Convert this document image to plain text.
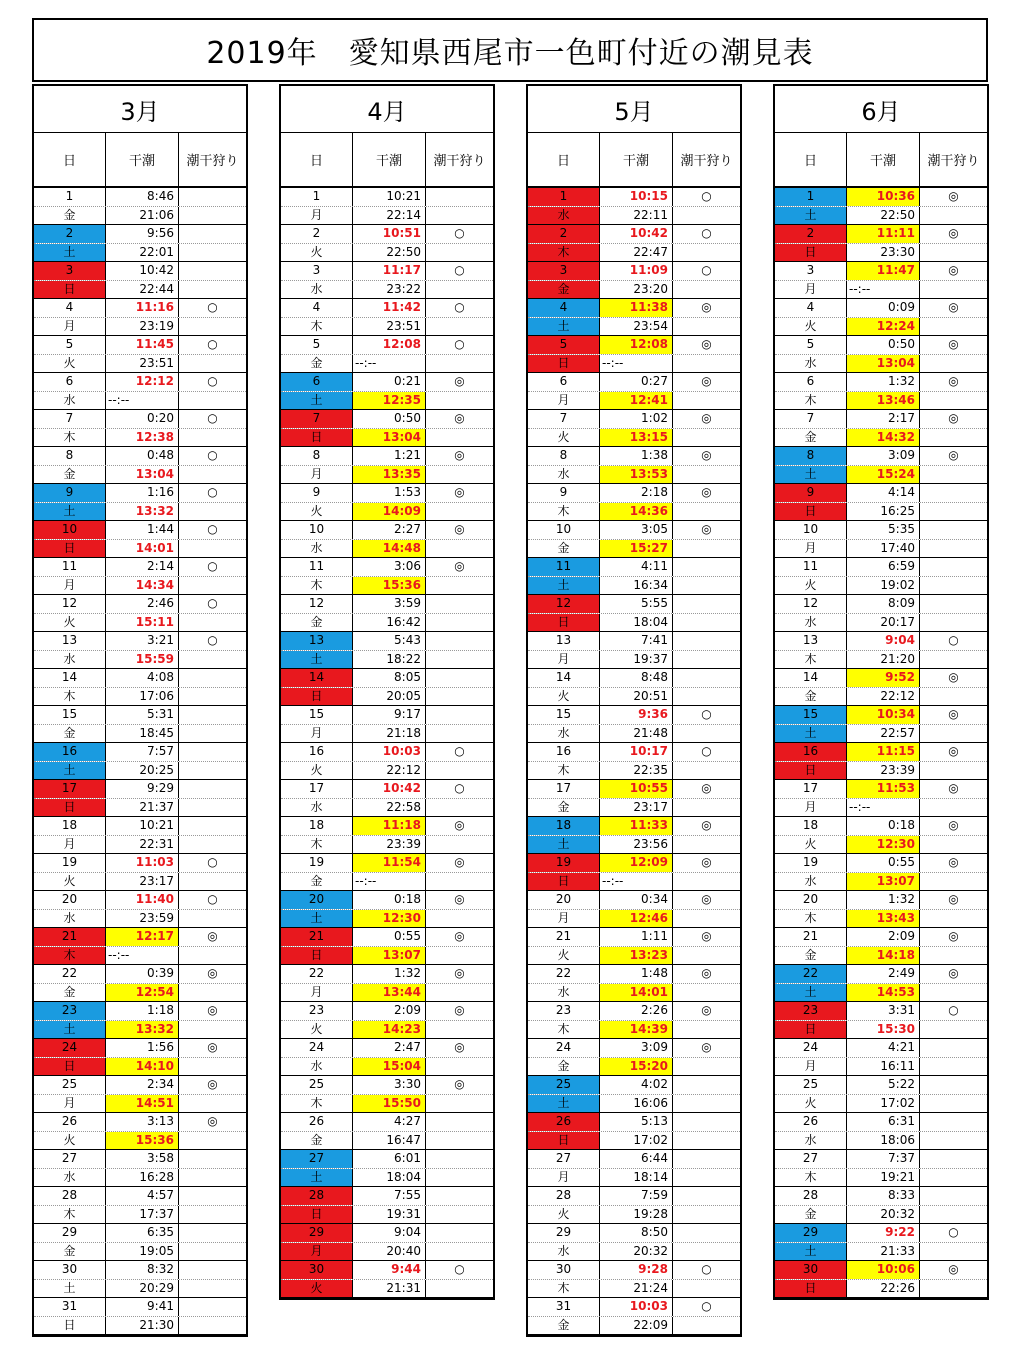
2019年　愛知県西尾市一色町付近の潮見表
3月
日	干潮	潮干狩り
1	8:46
金	21:06
2	9:56
土	22:01
3	10:42
日	22:44
4	11:16	○
月	23:19
5	11:45	○
火	23:51
6	12:12	○
水	--:--
7	0:20	○
木	12:38
8	0:48	○
金	13:04
9	1:16	○
土	13:32
10	1:44	○
日	14:01
11	2:14	○
月	14:34
12	2:46	○
火	15:11
13	3:21	○
水	15:59
14	4:08
木	17:06
15	5:31
金	18:45
16	7:57
土	20:25
17	9:29
日	21:37
18	10:21
月	22:31
19	11:03	○
火	23:17
20	11:40	○
水	23:59
21	12:17	◎
木	--:--
22	0:39	◎
金	12:54
23	1:18	◎
土	13:32
24	1:56	◎
日	14:10
25	2:34	◎
月	14:51
26	3:13	◎
火	15:36
27	3:58
水	16:28
28	4:57
木	17:37
29	6:35
金	19:05
30	8:32
土	20:29
31	9:41
日	21:30
4月
日	干潮	潮干狩り
1	10:21
月	22:14
2	10:51	○
火	22:50
3	11:17	○
水	23:22
4	11:42	○
木	23:51
5	12:08	○
金	--:--
6	0:21	◎
土	12:35
7	0:50	◎
日	13:04
8	1:21	◎
月	13:35
9	1:53	◎
火	14:09
10	2:27	◎
水	14:48
11	3:06	◎
木	15:36
12	3:59
金	16:42
13	5:43
土	18:22
14	8:05
日	20:05
15	9:17
月	21:18
16	10:03	○
火	22:12
17	10:42	○
水	22:58
18	11:18	◎
木	23:39
19	11:54	◎
金	--:--
20	0:18	◎
土	12:30
21	0:55	◎
日	13:07
22	1:32	◎
月	13:44
23	2:09	◎
火	14:23
24	2:47	◎
水	15:04
25	3:30	◎
木	15:50
26	4:27
金	16:47
27	6:01
土	18:04
28	7:55
日	19:31
29	9:04
月	20:40
30	9:44	○
火	21:31
5月
日	干潮	潮干狩り
1	10:15	○
水	22:11
2	10:42	○
木	22:47
3	11:09	○
金	23:20
4	11:38	◎
土	23:54
5	12:08	◎
日	--:--
6	0:27	◎
月	12:41
7	1:02	◎
火	13:15
8	1:38	◎
水	13:53
9	2:18	◎
木	14:36
10	3:05	◎
金	15:27
11	4:11
土	16:34
12	5:55
日	18:04
13	7:41
月	19:37
14	8:48
火	20:51
15	9:36	○
水	21:48
16	10:17	○
木	22:35
17	10:55	◎
金	23:17
18	11:33	◎
土	23:56
19	12:09	◎
日	--:--
20	0:34	◎
月	12:46
21	1:11	◎
火	13:23
22	1:48	◎
水	14:01
23	2:26	◎
木	14:39
24	3:09	◎
金	15:20
25	4:02
土	16:06
26	5:13
日	17:02
27	6:44
月	18:14
28	7:59
火	19:28
29	8:50
水	20:32
30	9:28	○
木	21:24
31	10:03	○
金	22:09
6月
日	干潮	潮干狩り
1	10:36	◎
土	22:50
2	11:11	◎
日	23:30
3	11:47	◎
月	--:--
4	0:09	◎
火	12:24
5	0:50	◎
水	13:04
6	1:32	◎
木	13:46
7	2:17	◎
金	14:32
8	3:09	◎
土	15:24
9	4:14
日	16:25
10	5:35
月	17:40
11	6:59
火	19:02
12	8:09
水	20:17
13	9:04	○
木	21:20
14	9:52	◎
金	22:12
15	10:34	◎
土	22:57
16	11:15	◎
日	23:39
17	11:53	◎
月	--:--
18	0:18	◎
火	12:30
19	0:55	◎
水	13:07
20	1:32	◎
木	13:43
21	2:09	◎
金	14:18
22	2:49	◎
土	14:53
23	3:31	○
日	15:30
24	4:21
月	16:11
25	5:22
火	17:02
26	6:31
水	18:06
27	7:37
木	19:21
28	8:33
金	20:32
29	9:22	○
土	21:33
30	10:06	◎
日	22:26
